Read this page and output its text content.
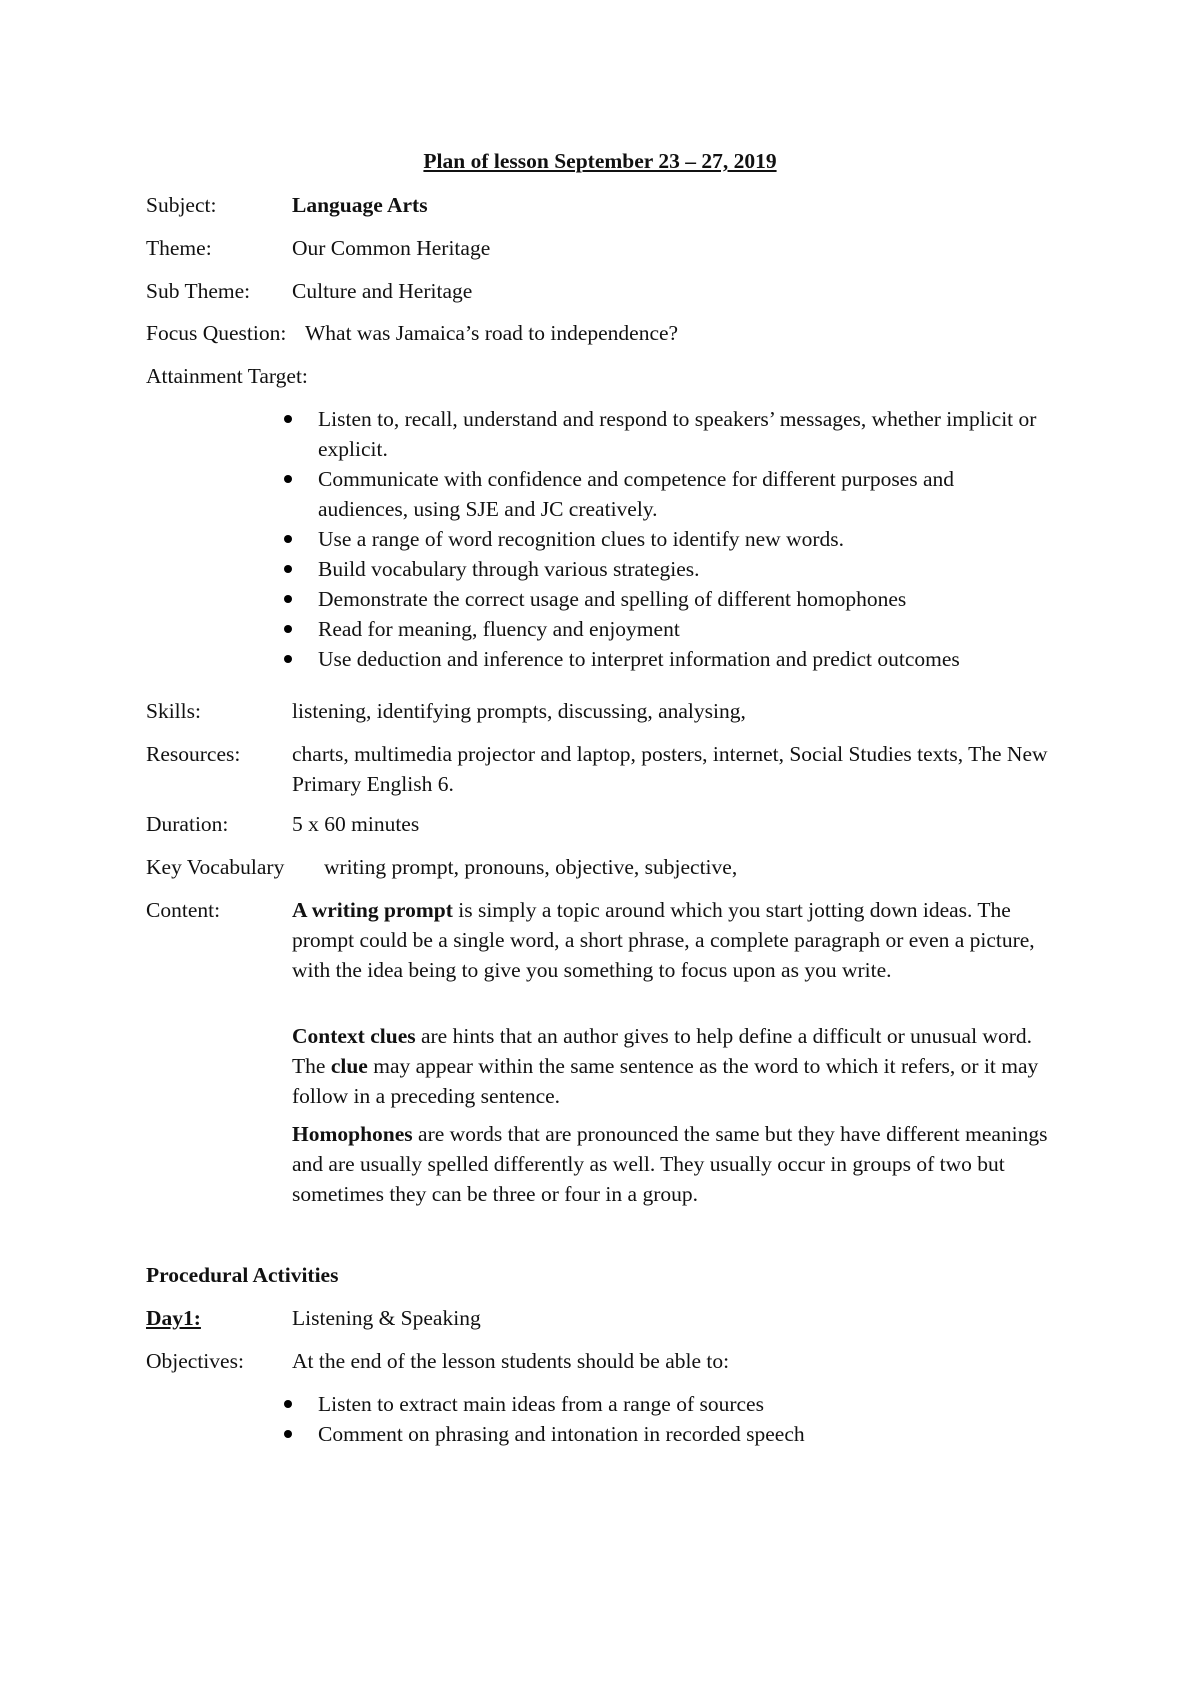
Plan of lesson September 23 – 27, 2019
Subject:	Language Arts
Theme:	Our Common Heritage
Sub Theme: Culture and Heritage
Focus Question: What was Jamaica’s road to independence?
Attainment Target:
Listen to, recall, understand and respond to speakers’ messages, whether implicit or explicit.
Communicate with confidence and competence for different purposes and audiences, using SJE and JC creatively.
Use a range of word recognition clues to identify new words.
Build vocabulary through various strategies.
Demonstrate the correct usage and spelling of different homophones
Read for meaning, fluency and enjoyment
Use deduction and inference to interpret information and predict outcomes
Skills:	listening, identifying prompts, discussing, analysing,
Resources: charts, multimedia projector and laptop, posters, internet, Social Studies texts, The New Primary English 6.
Duration:	5 x 60 minutes
Key Vocabulary writing prompt, pronouns, objective, subjective,
Content:	A writing prompt is simply a topic around which you start jotting down ideas. The prompt could be a single word, a short phrase, a complete paragraph or even a picture, with the idea being to give you something to focus upon as you write.
Context clues are hints that an author gives to help define a difficult or unusual word. The clue may appear within the same sentence as the word to which it refers, or it may follow in a preceding sentence.
Homophones are words that are pronounced the same but they have different meanings and are usually spelled differently as well. They usually occur in groups of two but sometimes they can be three or four in a group.
Procedural Activities
Day1:	Listening & Speaking
Objectives: At the end of the lesson students should be able to:
Listen to extract main ideas from a range of sources
Comment on phrasing and intonation in recorded speech
